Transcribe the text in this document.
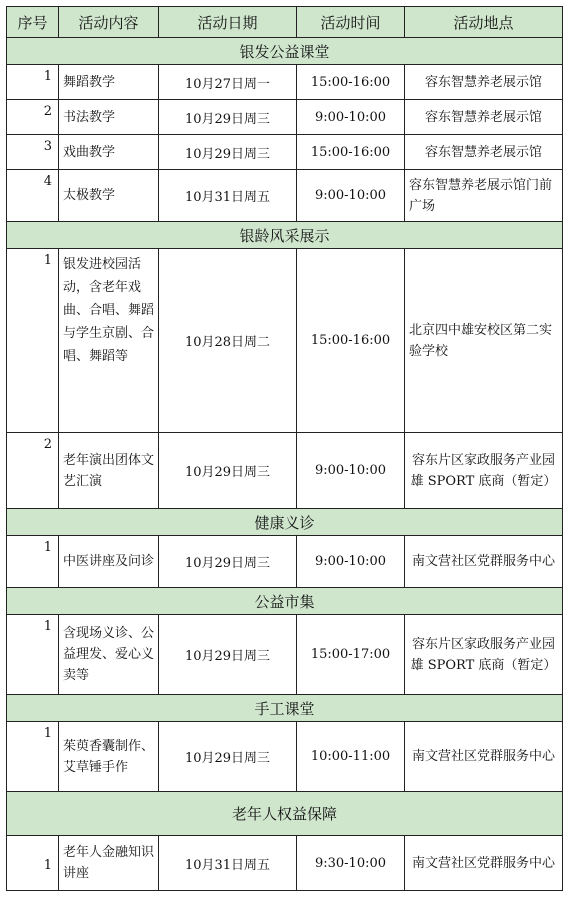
序号	活动内容	活动日期	活动时间	活动地点
银发公益课堂				
1	舞蹈教学	10月27日周一	15:00-16:00	容东智慧养老展示馆
2	书法教学	10月29日周三	9:00-10:00	容东智慧养老展示馆
3	戏曲教学	10月29日周三	15:00-16:00	容东智慧养老展示馆
4	太极教学	10月31日周五	9:00-10:00	容东智慧养老展示馆门前广场
银龄风采展示				
1	银发进校园活动，含老年戏曲、合唱、舞蹈与学生京剧、合唱、舞蹈等	10月28日周二	15:00-16:00	北京四中雄安校区第二实验学校
2	老年演出团体文艺汇演	10月29日周三	9:00-10:00	容东片区家政服务产业园雄 SPORT 底商（暂定）
健康义诊				
1	中医讲座及问诊	10月29日周三	9:00-10:00	南文营社区党群服务中心
公益市集				
1	含现场义诊、公益理发、爱心义卖等	10月29日周三	15:00-17:00	容东片区家政服务产业园雄 SPORT 底商（暂定）
手工课堂				
1	茱萸香囊制作、艾草锤手作	10月29日周三	10:00-11:00	南文营社区党群服务中心
老年人权益保障				
1	老年人金融知识讲座	10月31日周五	9:30-10:00	南文营社区党群服务中心
